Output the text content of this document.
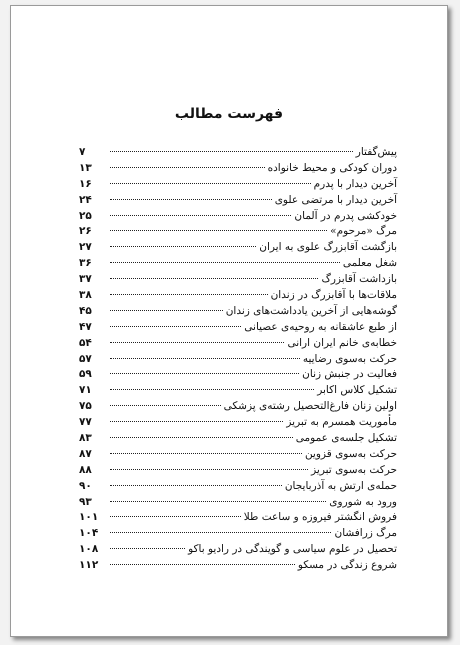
فهرست مطالب
پیش‌گفتار
۷
دوران کودکی و محیط خانواده
۱۳
آخرین دیدار با پدرم
۱۶
آخرین دیدار با مرتضی علوی
۲۴
خودکشی پدرم در آلمان
۲۵
مرگ «مرحوم»
۲۶
بازگشت آقابزرگ علوی به ایران
۲۷
شغل معلمی
۳۶
بازداشت آقابزرگ
۳۷
ملاقات‌ها با آقابزرگ در زندان
۳۸
گوشه‌هایی از آخرین یادداشت‌های زندان
۴۵
از طبع عاشقانه به روحیه‌ی عصیانی
۴۷
خطابه‌ی خانم ایران ارانی
۵۴
حرکت به‌سوی رضاییه
۵۷
فعالیت در جنبش زنان
۵۹
تشکیل کلاس اکابر
۷۱
اولین زنان فارغ‌التحصیل رشته‌ی پزشکی
۷۵
مأموریت همسرم به تبریز
۷۷
تشکیل جلسه‌ی عمومی
۸۳
حرکت به‌سوی قزوین
۸۷
حرکت به‌سوی تبریز
۸۸
حمله‌ی ارتش به آذربایجان
۹۰
ورود به شوروی
۹۳
فروش انگشتر فیروزه و ساعت طلا
۱۰۱
مرگ زرافشان
۱۰۴
تحصیل در علوم سیاسی و گویندگی در رادیو باکو
۱۰۸
شروع زندگی در مسکو
۱۱۲
